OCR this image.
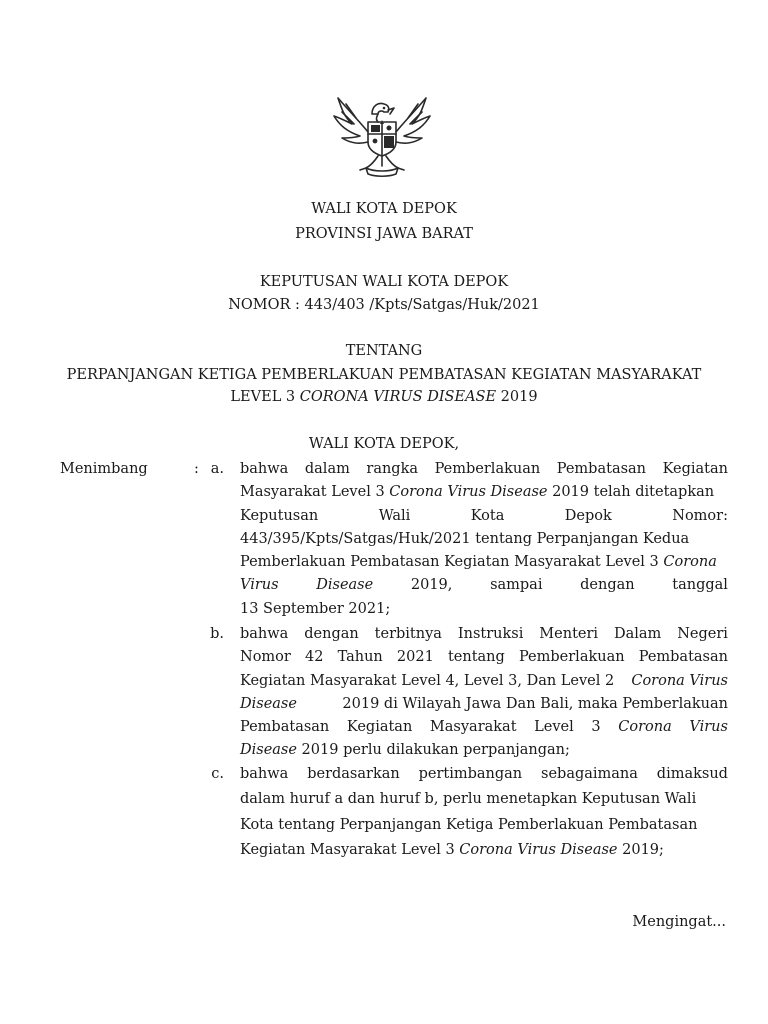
WALI KOTA DEPOK
PROVINSI JAWA BARAT
KEPUTUSAN WALI KOTA DEPOK
NOMOR : 443/403 /Kpts/Satgas/Huk/2021
TENTANG
PERPANJANGAN KETIGA PEMBERLAKUAN PEMBATASAN KEGIATAN MASYARAKAT
LEVEL 3 CORONA VIRUS DISEASE 2019
WALI KOTA DEPOK,
Menimbang	: a. bahwa dalam rangka Pemberlakuan Pembatasan Kegiatan
Masyarakat Level 3 Corona Virus Disease 2019 telah ditetapkan
Keputusan	Wali	Kota	Depok	Nomor:
443/395/Kpts/Satgas/Huk/2021 tentang Perpanjangan Kedua
Pemberlakuan Pembatasan Kegiatan Masyarakat Level 3 Corona
Virus	Disease	2019,	sampai	dengan	tanggal
13 September 2021;
b. bahwa dengan terbitnya Instruksi Menteri Dalam Negeri
Nomor 42 Tahun 2021 tentang Pemberlakuan Pembatasan
Kegiatan Masyarakat Level 4, Level 3, Dan Level 2 Corona Virus
Disease	2019 di Wilayah Jawa Dan Bali, maka Pemberlakuan
Pembatasan Kegiatan Masyarakat Level 3 Corona Virus
Disease 2019 perlu dilakukan perpanjangan;
c. bahwa berdasarkan pertimbangan sebagaimana dimaksud
dalam huruf a dan huruf b, perlu menetapkan Keputusan Wali
Kota tentang Perpanjangan Ketiga Pemberlakuan Pembatasan
Kegiatan Masyarakat Level 3 Corona Virus Disease 2019;
Mengingat...
